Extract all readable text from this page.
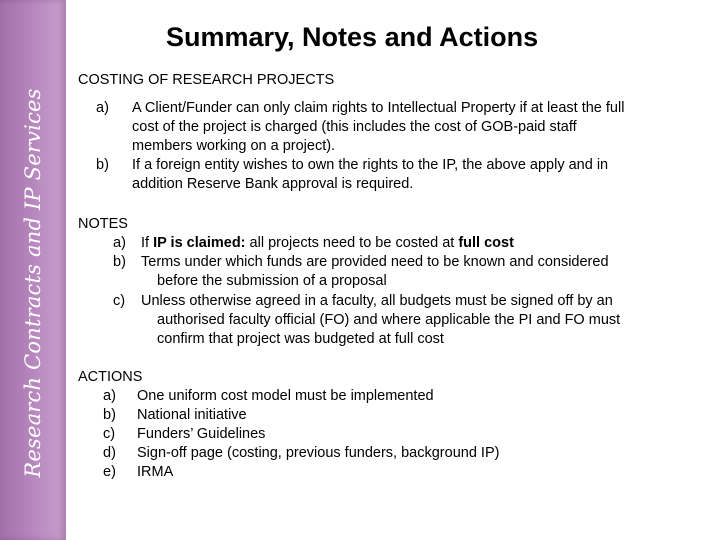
Research Contracts and IP Services
Summary, Notes and Actions
COSTING OF RESEARCH PROJECTS
a) A Client/Funder can only claim rights to Intellectual Property if at least the full
cost of the project is charged (this includes the cost of GOB-paid staff
members working on a project).
b) If a foreign entity wishes to own the rights to the IP, the above apply and in
addition Reserve Bank approval is required.
NOTES
a) If IP is claimed: all projects need to be costed at full cost
b) Terms under which funds are provided need to be known and considered
before the submission of a proposal
c) Unless otherwise agreed in a faculty, all budgets must be signed off by an
authorised faculty official (FO) and where applicable the PI and FO must
confirm that project was budgeted at full cost
ACTIONS
a) One uniform cost model must be implemented
b) National initiative
c) Funders’ Guidelines
d) Sign-off page (costing, previous funders, background IP)
e) IRMA
